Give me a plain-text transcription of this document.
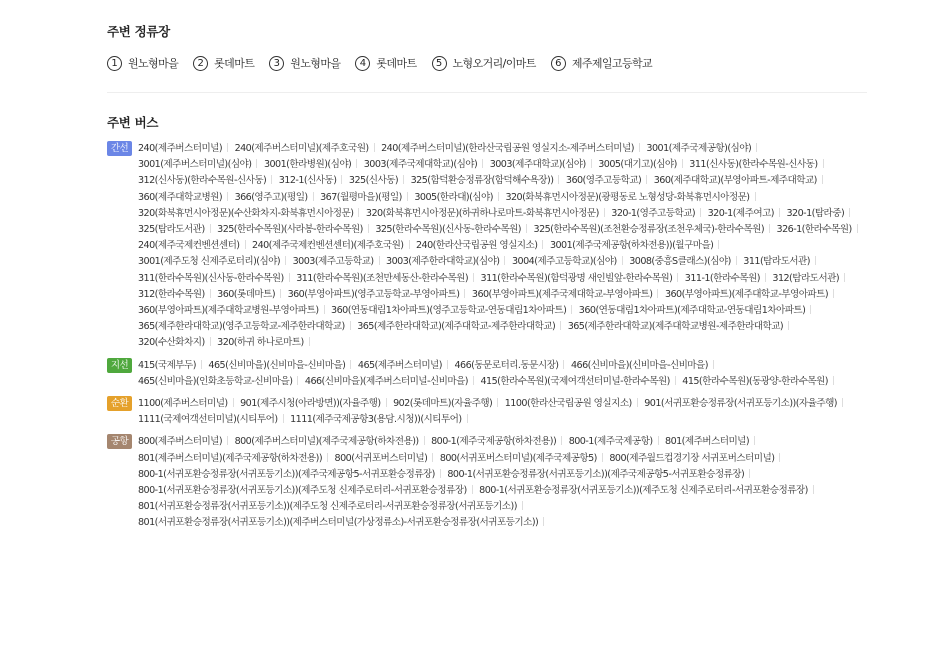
주변 정류장
1 원노형마을	2 롯데마트	3 원노형마을	4 롯데마트	5 노형오거리/이마트	6 제주제일고등학교
주변 버스
간선	240(제주버스터미널) 240(제주버스터미널)(제주호국원) 240(제주버스터미널)(한라산국립공원 영실지소-제주버스터미널) 3001(제주국제공항)(심야) 3001(제주버스터미널)(심야) 3001(한라병원)(심야) 3003(제주국제대학교)(심야) 3003(제주대학교)(심야) 3005(대기고)(심야) 311(신사동)(한라수목원-신사동) 312(신사동)(한라수목원-신사동) 312-1(신사동) 325(신사동) 325(함덕환승정류장(함덕해수욕장)) 360(영주고등학교) 360(제주대학교)(부영아파트-제주대학교) 360(제주대학교병원) 366(영주고)(평일) 367(월평마을)(평일) 3005(한라대)(심야) 320(화북휴먼시아정문)(광평동로 노형성당-화북휴먼시아정문) 320(화북휴먼시아정문)(수산화차지-화북휴먼시아정문) 320(화북휴먼시아정문)(하귀하나로마트-화북휴먼시아정문) 320-1(영주고등학교) 320-1(제주여고) 320-1(탐라중) 325(탐라도서관) 325(한라수목원)(사라봉-한라수목원) 325(한라수목원)(신사동-한라수목원) 325(한라수목원)(조천환승정류장(조천우체국)-한라수목원) 326-1(한라수목원) 240(제주국제컨벤션센터) 240(제주국제컨벤션센터)(제주호국원) 240(한라산국립공원 영실지소) 3001(제주국제공항(하차전용))(월구마을) 3001(제주도청 신제주로터리)(심야) 3003(제주고등학교) 3003(제주한라대학교)(심야) 3004(제주고등학교)(심야) 3008(중흥S클래스)(심야) 311(탐라도서관) 311(한라수목원)(신사동-한라수목원) 311(한라수목원)(조천만세동산-한라수목원) 311(한라수목원)(함덕광명 새인빌앞-한라수목원) 311-1(한라수목원) 312(탐라도서관) 312(한라수목원) 360(롯데마트) 360(부영아파트)(영주고등학교-부영아파트) 360(부영아파트)(제주국제대학교-부영아파트) 360(부영아파트)(제주대학교-부영아파트) 360(부영아파트)(제주대학교병원-부영아파트) 360(연동대림1차아파트)(영주고등학교-연동대림1차아파트) 360(연동대림1차아파트)(제주대학교-연동대림1차아파트) 365(제주한라대학교)(영주고등학교-제주한라대학교) 365(제주한라대학교)(제주대학교-제주한라대학교) 365(제주한라대학교)(제주대학교병원-제주한라대학교) 320(수산화차지) 320(하귀 하나로마트)
지선	415(국제부두) 465(신비마을)(신비마을-신비마을) 465(제주버스터미널) 466(동문로터리.동문시장) 466(신비마을)(신비마을-신비마을) 465(신비마을)(인화초등학교-신비마을) 466(신비마을)(제주버스터미널-신비마을) 415(한라수목원)(국제여객선터미널-한라수목원) 415(한라수목원)(동광양-한라수목원)
순환	1100(제주버스터미널) 901(제주시청(아라방면))(자율주행) 902(롯데마트)(자율주행) 1100(한라산국립공원 영실지소) 901(서귀포환승정류장(서귀포등기소))(자율주행) 1111(국제여객선터미널)(시티투어) 1111(제주국제공항3(용담.시청))(시티투어)
공항	800(제주버스터미널) 800(제주버스터미널)(제주국제공항(하차전용)) 800-1(제주국제공항(하차전용)) 800-1(제주국제공항) 801(제주버스터미널) 801(제주버스터미널)(제주국제공항(하차전용)) 800(서귀포버스터미널) 800(서귀포버스터미널)(제주국제공항5) 800(제주월드컵경기장 서귀포버스터미널) 800-1(서귀포환승정류장(서귀포등기소))(제주국제공항5-서귀포환승정류장) 800-1(서귀포환승정류장(서귀포등기소))(제주국제공항5-서귀포환승정류장) 800-1(서귀포환승정류장(서귀포등기소))(제주도청 신제주로터리-서귀포환승정류장) 800-1(서귀포환승정류장(서귀포등기소))(제주도청 신제주로터리-서귀포환승정류장) 801(서귀포환승정류장(서귀포등기소))(제주도청 신제주로터리-서귀포환승정류장(서귀포등기소)) 801(서귀포환승정류장(서귀포등기소))(제주버스터미널(가상정류소)-서귀포환승정류장(서귀포등기소))
